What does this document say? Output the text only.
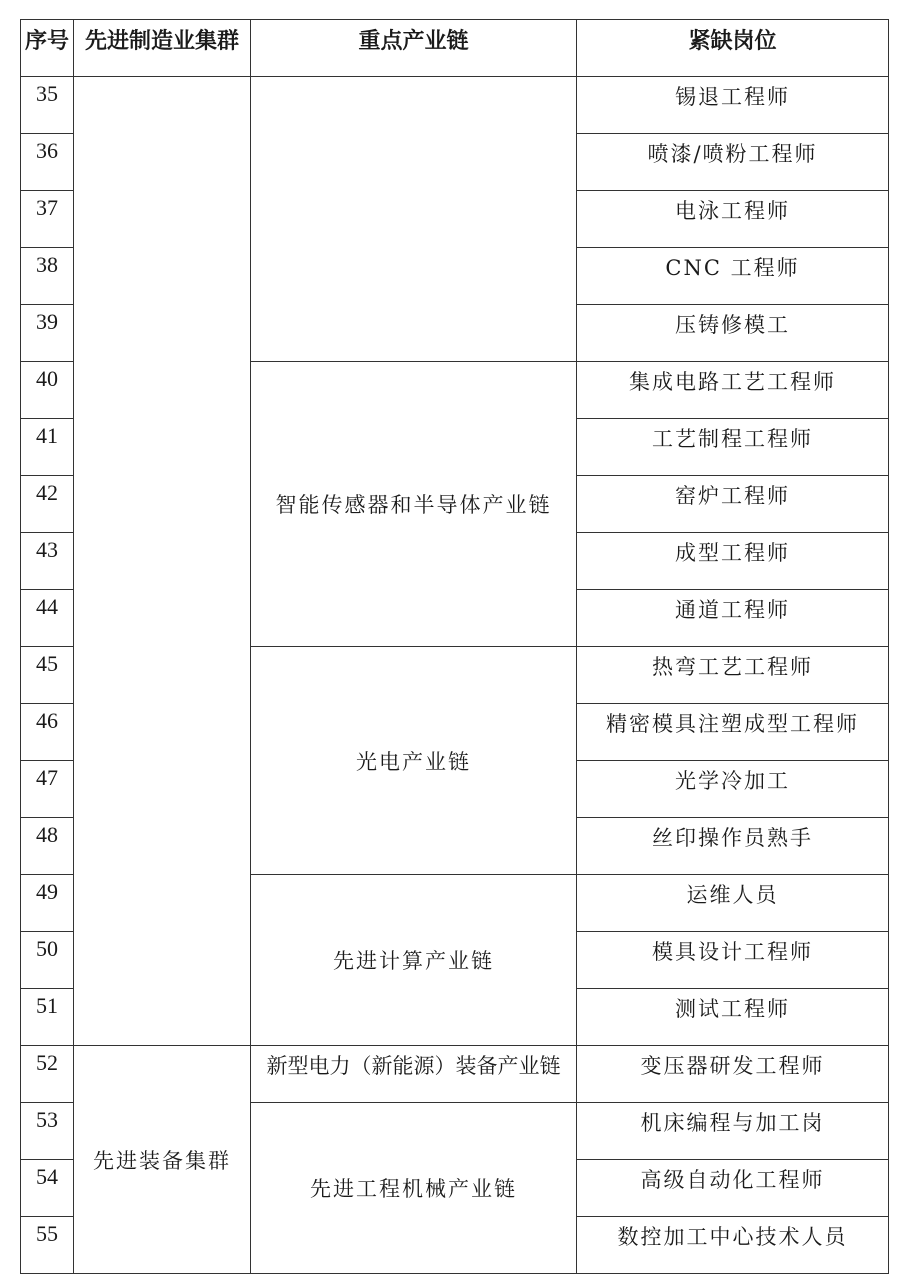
序号	先进制造业集群	重点产业链	紧缺岗位
35			锡退工程师
36			喷漆/喷粉工程师
37			电泳工程师
38			CNC 工程师
39			压铸修模工
40		智能传感器和半导体产业链	集成电路工艺工程师
41			工艺制程工程师
42			窑炉工程师
43			成型工程师
44			通道工程师
45		光电产业链	热弯工艺工程师
46			精密模具注塑成型工程师
47			光学冷加工
48			丝印操作员熟手
49		先进计算产业链	运维人员
50			模具设计工程师
51			测试工程师
52	先进装备集群	新型电力（新能源）装备产业链	变压器研发工程师
53		先进工程机械产业链	机床编程与加工岗
54			高级自动化工程师
55			数控加工中心技术人员
